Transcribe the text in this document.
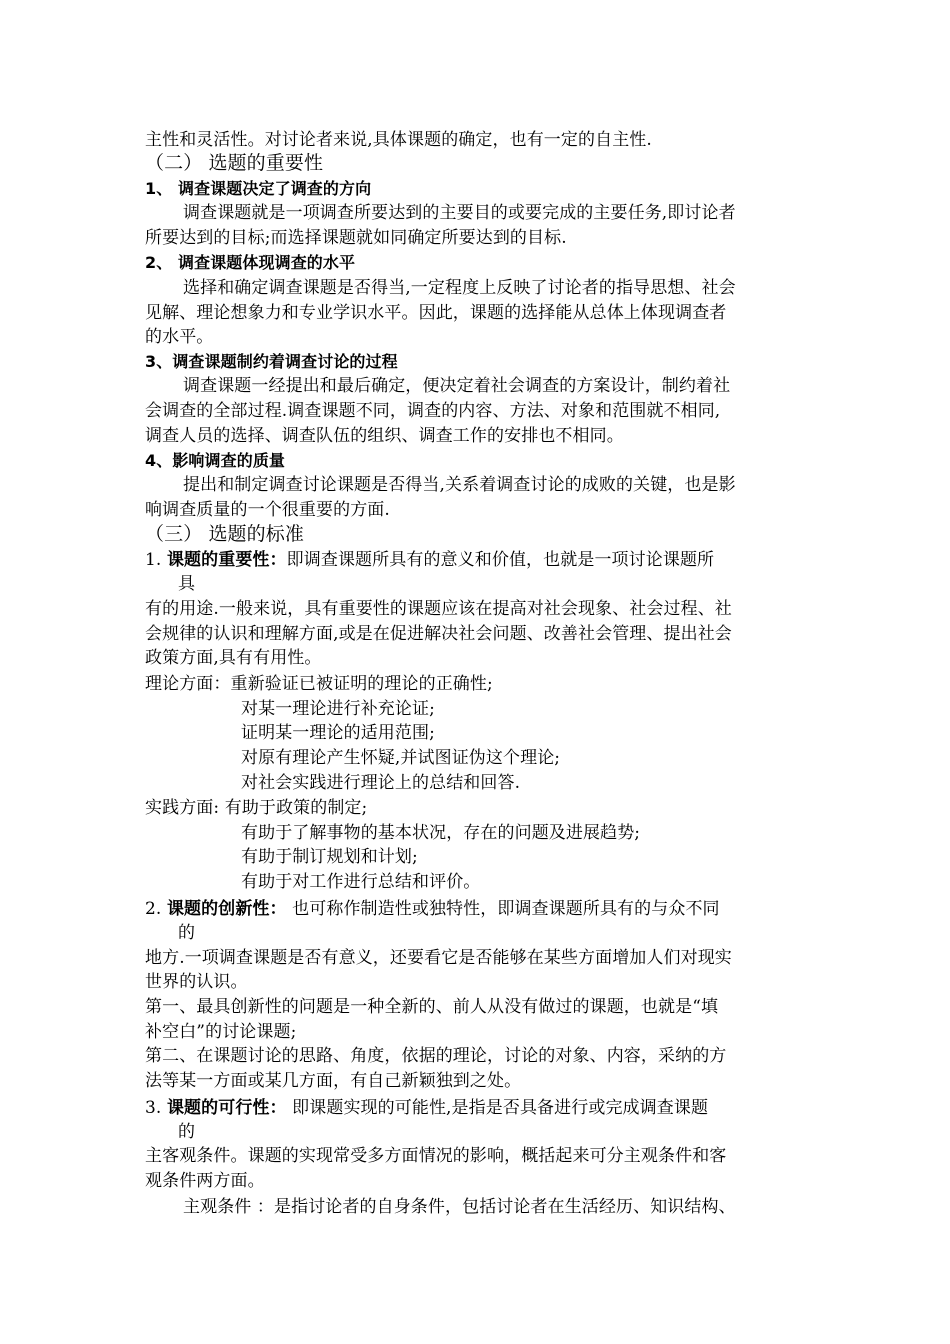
主性和灵活性。对讨论者来说,具体课题的确定，也有一定的自主性.
（二） 选题的重要性
1、 调查课题决定了调查的方向
调查课题就是一项调查所要达到的主要目的或要完成的主要任务,即讨论者
所要达到的目标;而选择课题就如同确定所要达到的目标.
2、 调查课题体现调查的水平
选择和确定调查课题是否得当,一定程度上反映了讨论者的指导思想、社会
见解、理论想象力和专业学识水平。因此，课题的选择能从总体上体现调查者
的水平。
3、调查课题制约着调查讨论的过程
调查课题一经提出和最后确定，便决定着社会调查的方案设计，制约着社
会调查的全部过程.调查课题不同，调查的内容、方法、对象和范围就不相同,
调查人员的选择、调查队伍的组织、调查工作的安排也不相同。
4、影响调查的质量
提出和制定调查讨论课题是否得当,关系着调查讨论的成败的关键，也是影
响调查质量的一个很重要的方面.
（三） 选题的标准
1. 课题的重要性：即调查课题所具有的意义和价值，也就是一项讨论课题所
具
有的用途.一般来说，具有重要性的课题应该在提高对社会现象、社会过程、社
会规律的认识和理解方面,或是在促进解决社会问题、改善社会管理、提出社会
政策方面,具有有用性。
理论方面：重新验证已被证明的理论的正确性;
对某一理论进行补充论证;
证明某一理论的适用范围;
对原有理论产生怀疑,并试图证伪这个理论;
对社会实践进行理论上的总结和回答.
实践方面: 有助于政策的制定;
有助于了解事物的基本状况，存在的问题及进展趋势;
有助于制订规划和计划;
有助于对工作进行总结和评价。
2. 课题的创新性： 也可称作制造性或独特性，即调查课题所具有的与众不同
的
地方.一项调查课题是否有意义，还要看它是否能够在某些方面增加人们对现实
世界的认识。
第一、最具创新性的问题是一种全新的、前人从没有做过的课题，也就是“填
补空白”的讨论课题;
第二、在课题讨论的思路、角度，依据的理论，讨论的对象、内容，采纳的方
法等某一方面或某几方面，有自己新颖独到之处。
3. 课题的可行性： 即课题实现的可能性,是指是否具备进行或完成调查课题
的
主客观条件。课题的实现常受多方面情况的影响，概括起来可分主观条件和客
观条件两方面。
主观条件 ：是指讨论者的自身条件，包括讨论者在生活经历、知识结构、
